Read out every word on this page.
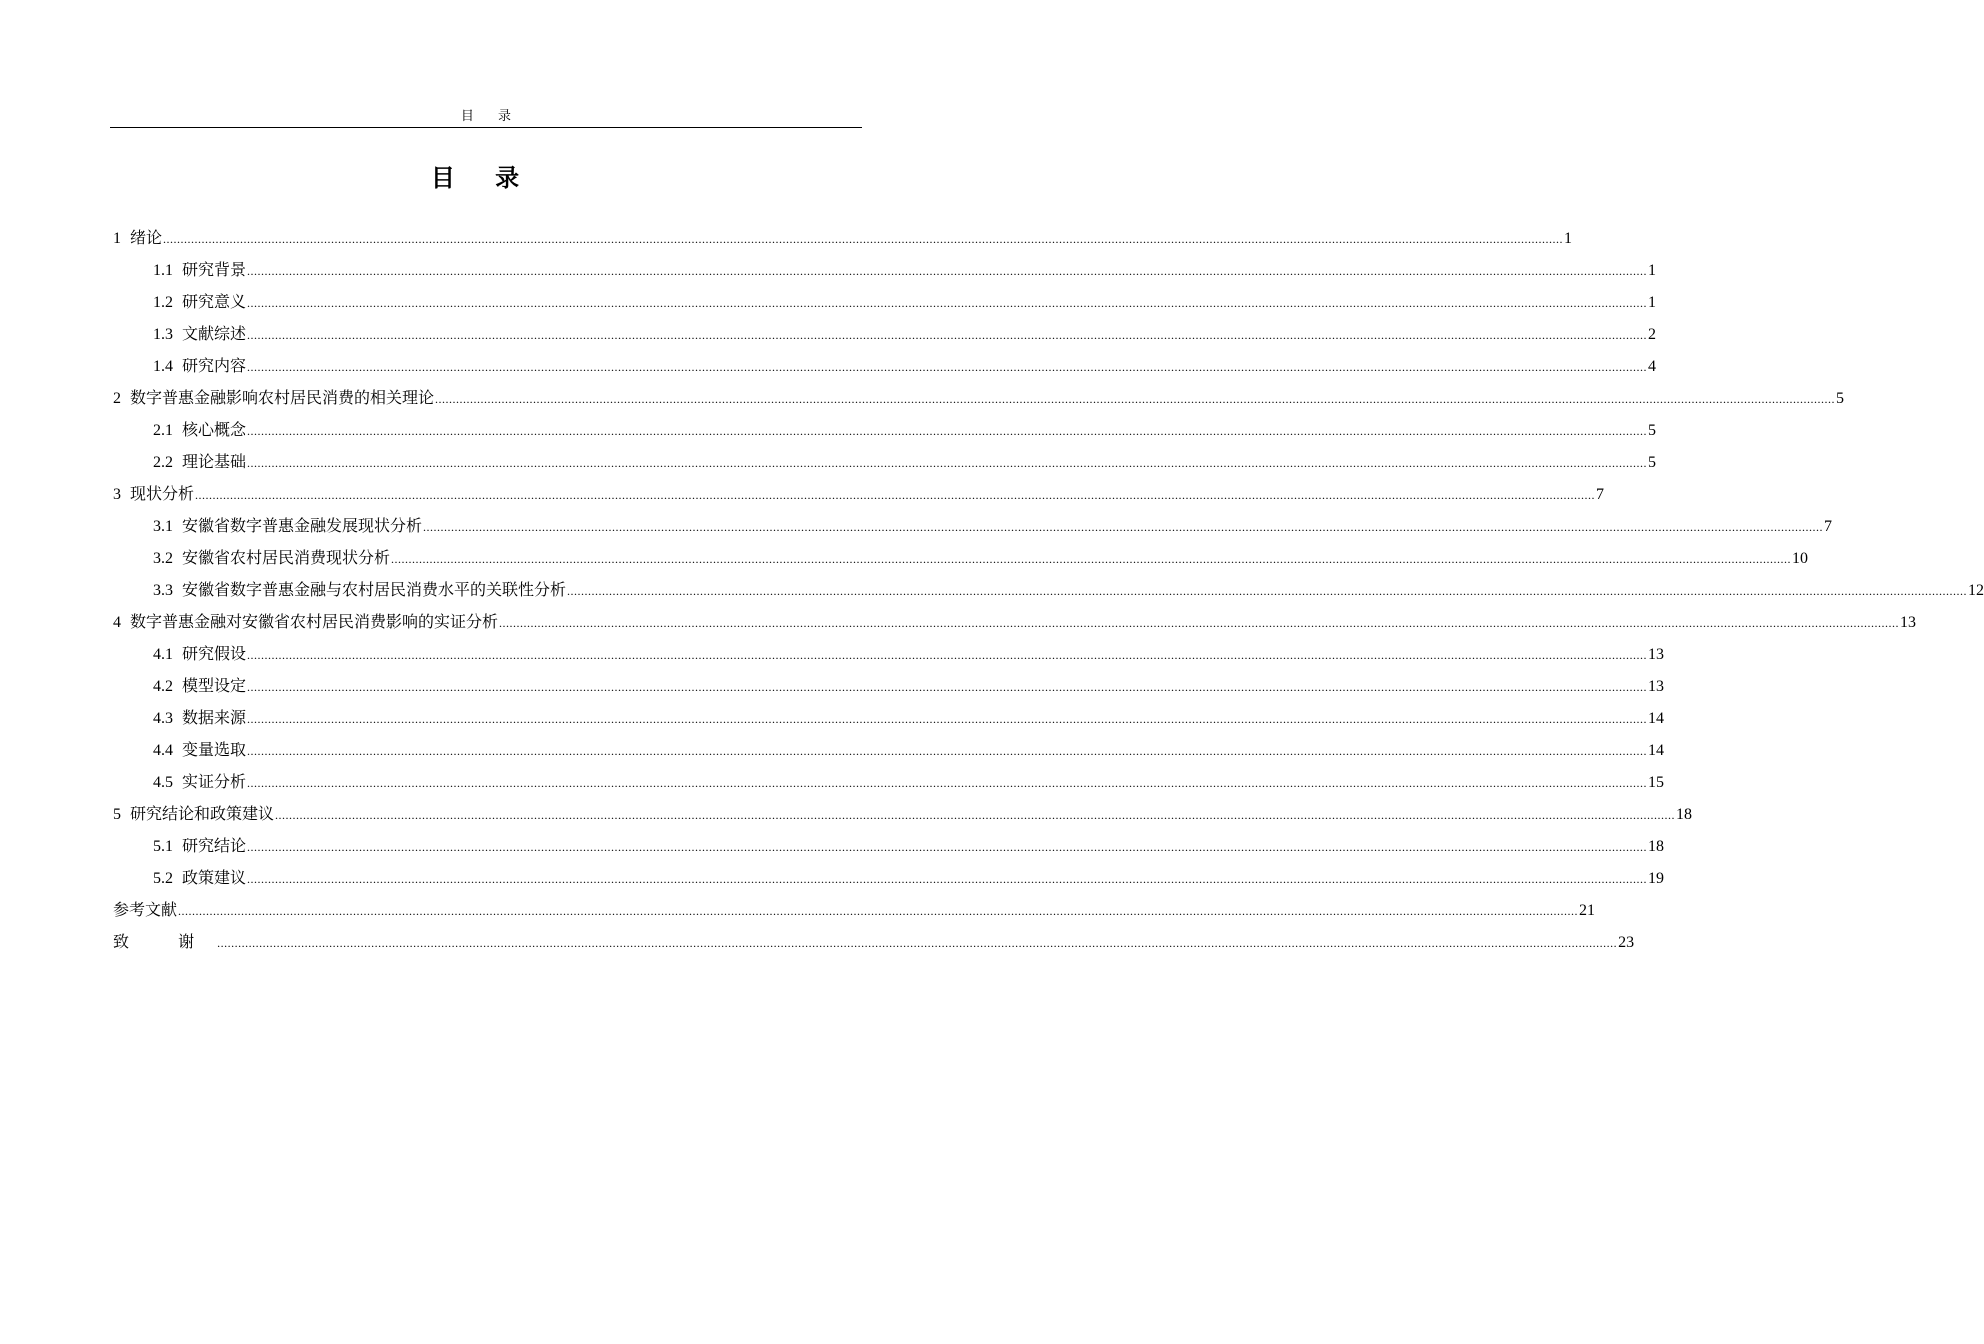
目 录
目 录
1 绪论 ................................................................................................................................................................................................................................................................................................................................................................................................................ 1
1.1 研究背景 ................................................................................................................................................................................................................................................................................................................................................................................................................ 1
1.2 研究意义 ................................................................................................................................................................................................................................................................................................................................................................................................................ 1
1.3 文献综述 ................................................................................................................................................................................................................................................................................................................................................................................................................ 2
1.4 研究内容 ................................................................................................................................................................................................................................................................................................................................................................................................................ 4
2 数字普惠金融影响农村居民消费的相关理论 ................................................................................................................................................................................................................................................................................................................................................................................................................ 5
2.1 核心概念 ................................................................................................................................................................................................................................................................................................................................................................................................................ 5
2.2 理论基础 ................................................................................................................................................................................................................................................................................................................................................................................................................ 5
3 现状分析 ................................................................................................................................................................................................................................................................................................................................................................................................................ 7
3.1 安徽省数字普惠金融发展现状分析 ................................................................................................................................................................................................................................................................................................................................................................................................................ 7
3.2 安徽省农村居民消费现状分析 ................................................................................................................................................................................................................................................................................................................................................................................................................ 10
3.3 安徽省数字普惠金融与农村居民消费水平的关联性分析 ................................................................................................................................................................................................................................................................................................................................................................................................................ 12
4 数字普惠金融对安徽省农村居民消费影响的实证分析 ................................................................................................................................................................................................................................................................................................................................................................................................................ 13
4.1 研究假设 ................................................................................................................................................................................................................................................................................................................................................................................................................ 13
4.2 模型设定 ................................................................................................................................................................................................................................................................................................................................................................................................................ 13
4.3 数据来源 ................................................................................................................................................................................................................................................................................................................................................................................................................ 14
4.4 变量选取 ................................................................................................................................................................................................................................................................................................................................................................................................................ 14
4.5 实证分析 ................................................................................................................................................................................................................................................................................................................................................................................................................ 15
5 研究结论和政策建议 ................................................................................................................................................................................................................................................................................................................................................................................................................ 18
5.1 研究结论 ................................................................................................................................................................................................................................................................................................................................................................................................................ 18
5.2 政策建议 ................................................................................................................................................................................................................................................................................................................................................................................................................ 19
参考文献 ................................................................................................................................................................................................................................................................................................................................................................................................................ 21
致 谢 ................................................................................................................................................................................................................................................................................................................................................................................................................ 23
